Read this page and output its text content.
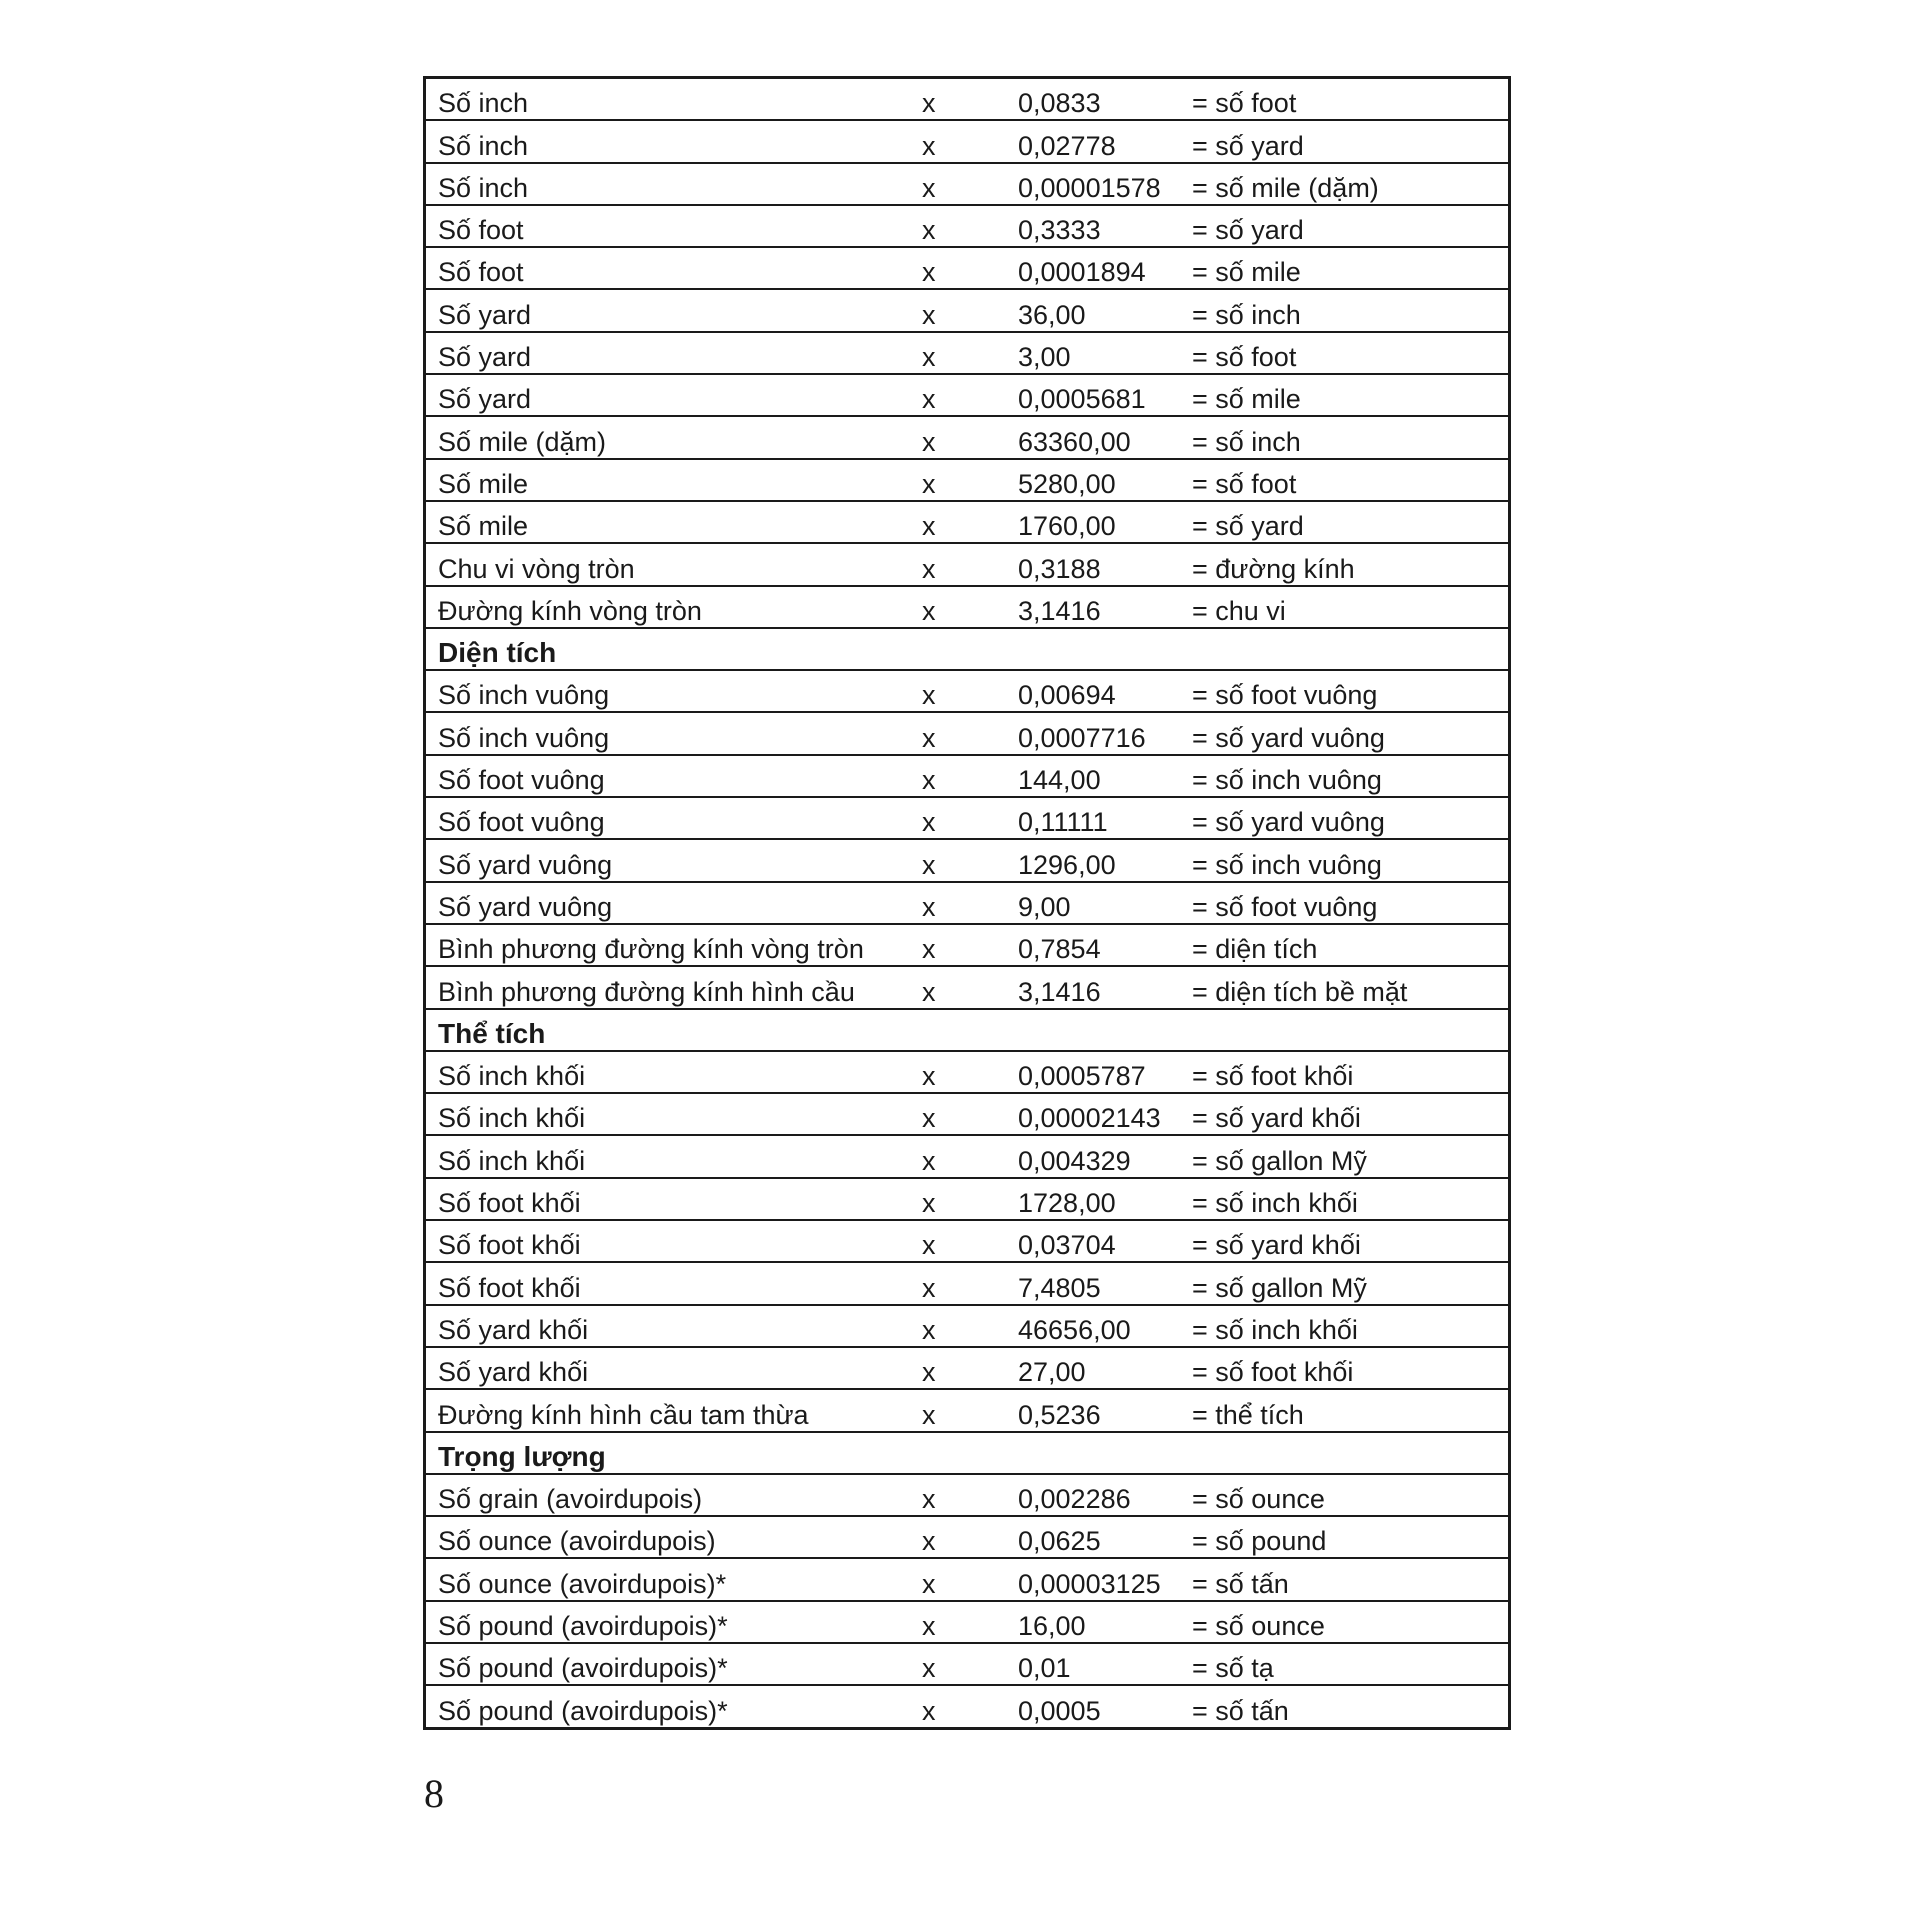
Số inch	x	0,0833	= số foot
Số inch	x	0,02778	= số yard
Số inch	x	0,00001578	= số mile (dặm)
Số foot	x	0,3333	= số yard
Số foot	x	0,0001894	= số mile
Số yard	x	36,00	= số inch
Số yard	x	3,00	= số foot
Số yard	x	0,0005681	= số mile
Số mile (dặm)	x	63360,00	= số inch
Số mile	x	5280,00	= số foot
Số mile	x	1760,00	= số yard
Chu vi vòng tròn	x	0,3188	= đường kính
Đường kính vòng tròn	x	3,1416	= chu vi
Diện tích			
Số inch vuông	x	0,00694	= số foot vuông
Số inch vuông	x	0,0007716	= số yard vuông
Số foot vuông	x	144,00	= số inch vuông
Số foot vuông	x	0,11111	= số yard vuông
Số yard vuông	x	1296,00	= số inch vuông
Số yard vuông	x	9,00	= số foot vuông
Bình phương đường kính vòng tròn	x	0,7854	= diện tích
Bình phương đường kính hình cầu	x	3,1416	= diện tích bề mặt
Thể tích			
Số inch khối	x	0,0005787	= số foot khối
Số inch khối	x	0,00002143	= số yard khối
Số inch khối	x	0,004329	= số gallon Mỹ
Số foot khối	x	1728,00	= số inch khối
Số foot khối	x	0,03704	= số yard khối
Số foot khối	x	7,4805	= số gallon Mỹ
Số yard khối	x	46656,00	= số inch khối
Số yard khối	x	27,00	= số foot khối
Đường kính hình cầu tam thừa	x	0,5236	= thể tích
Trọng lượng			
Số grain (avoirdupois)	x	0,002286	= số ounce
Số ounce (avoirdupois)	x	0,0625	= số pound
Số ounce (avoirdupois)*	x	0,00003125	= số tấn
Số pound (avoirdupois)*	x	16,00	= số ounce
Số pound (avoirdupois)*	x	0,01	= số tạ
Số pound (avoirdupois)*	x	0,0005	= số tấn
8
